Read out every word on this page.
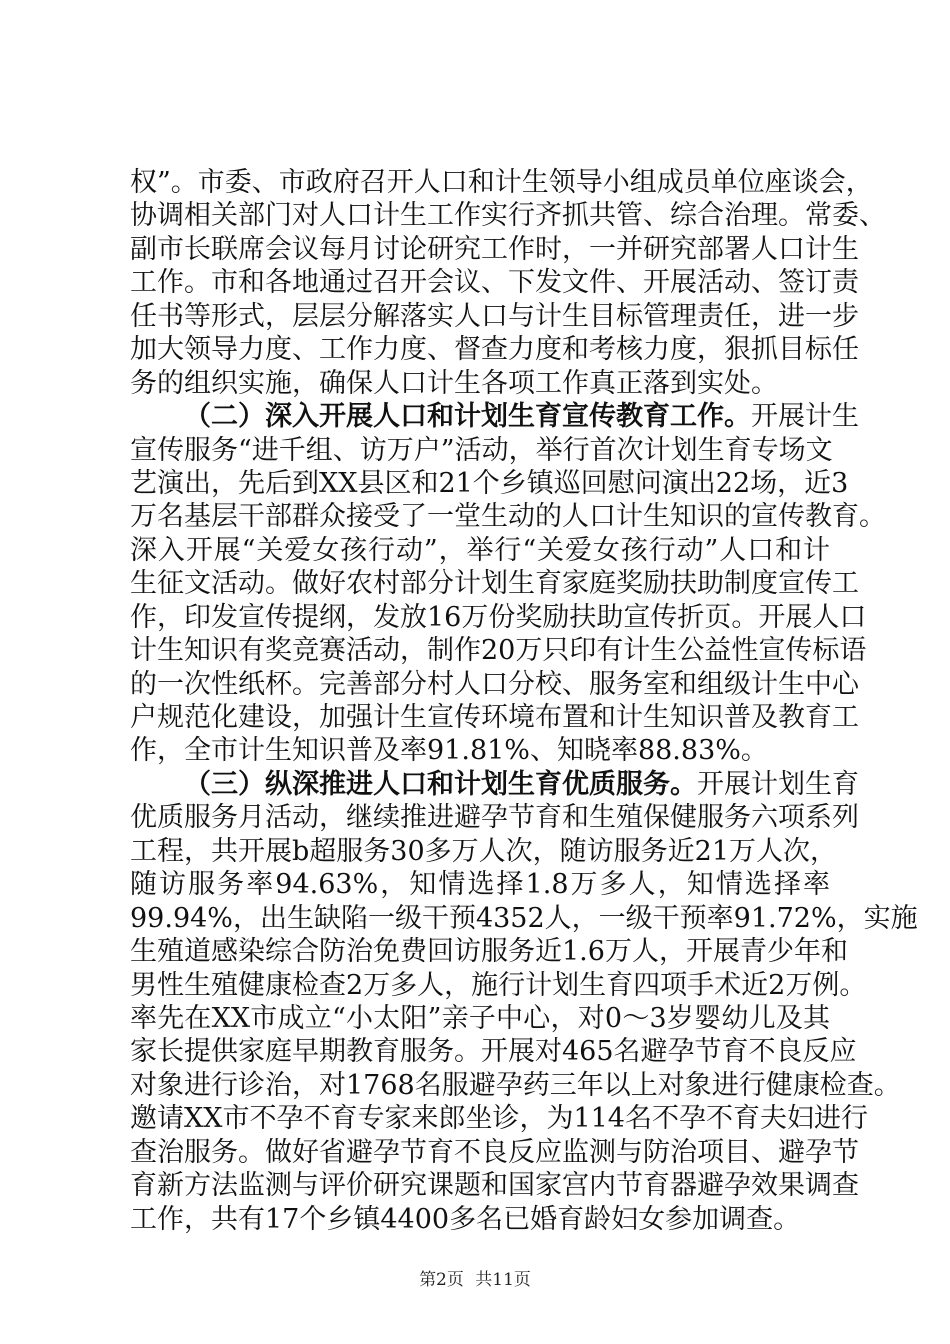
权”。市委、市政府召开人口和计生领导小组成员单位座谈会，
协调相关部门对人口计生工作实行齐抓共管、综合治理。常委、
副市长联席会议每月讨论研究工作时，一并研究部署人口计生
工作。市和各地通过召开会议、下发文件、开展活动、签订责
任书等形式，层层分解落实人口与计生目标管理责任，进一步
加大领导力度、工作力度、督查力度和考核力度，狠抓目标任
务的组织实施，确保人口计生各项工作真正落到实处。
（二）深入开展人口和计划生育宣传教育工作。开展计生
宣传服务“进千组、访万户”活动，举行首次计划生育专场文
艺演出，先后到XX县区和21个乡镇巡回慰问演出22场，近3
万名基层干部群众接受了一堂生动的人口计生知识的宣传教育。
深入开展“关爱女孩行动”，举行“关爱女孩行动”人口和计
生征文活动。做好农村部分计划生育家庭奖励扶助制度宣传工
作，印发宣传提纲，发放16万份奖励扶助宣传折页。开展人口
计生知识有奖竞赛活动，制作20万只印有计生公益性宣传标语
的一次性纸杯。完善部分村人口分校、服务室和组级计生中心
户规范化建设，加强计生宣传环境布置和计生知识普及教育工
作，全市计生知识普及率91.81%、知晓率88.83%。
（三）纵深推进人口和计划生育优质服务。开展计划生育
优质服务月活动，继续推进避孕节育和生殖保健服务六项系列
工程，共开展b超服务30多万人次，随访服务近21万人次，
随访服务率94.63%，知情选择1.8万多人，知情选择率
99.94%，出生缺陷一级干预4352人，一级干预率91.72%，实施
生殖道感染综合防治免费回访服务近1.6万人，开展青少年和
男性生殖健康检查2万多人，施行计划生育四项手术近2万例。
率先在XX市成立“小太阳”亲子中心，对0～3岁婴幼儿及其
家长提供家庭早期教育服务。开展对465名避孕节育不良反应
对象进行诊治，对1768名服避孕药三年以上对象进行健康检查。
邀请XX市不孕不育专家来郎坐诊，为114名不孕不育夫妇进行
查治服务。做好省避孕节育不良反应监测与防治项目、避孕节
育新方法监测与评价研究课题和国家宫内节育器避孕效果调查
工作，共有17个乡镇4400多名已婚育龄妇女参加调查。
第2页 共11页
